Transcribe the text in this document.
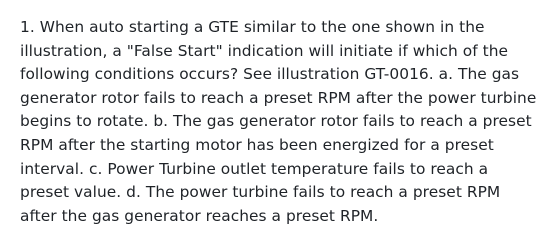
1. When auto starting a GTE similar to the one shown in the illustration, a "False Start" indication will initiate if which of the following conditions occurs? See illustration GT-0016. a. The gas generator rotor fails to reach a preset RPM after the power turbine begins to rotate. b. The gas generator rotor fails to reach a preset RPM after the starting motor has been energized for a preset interval. c. Power Turbine outlet temperature fails to reach a preset value. d. The power turbine fails to reach a preset RPM after the gas generator reaches a preset RPM.
